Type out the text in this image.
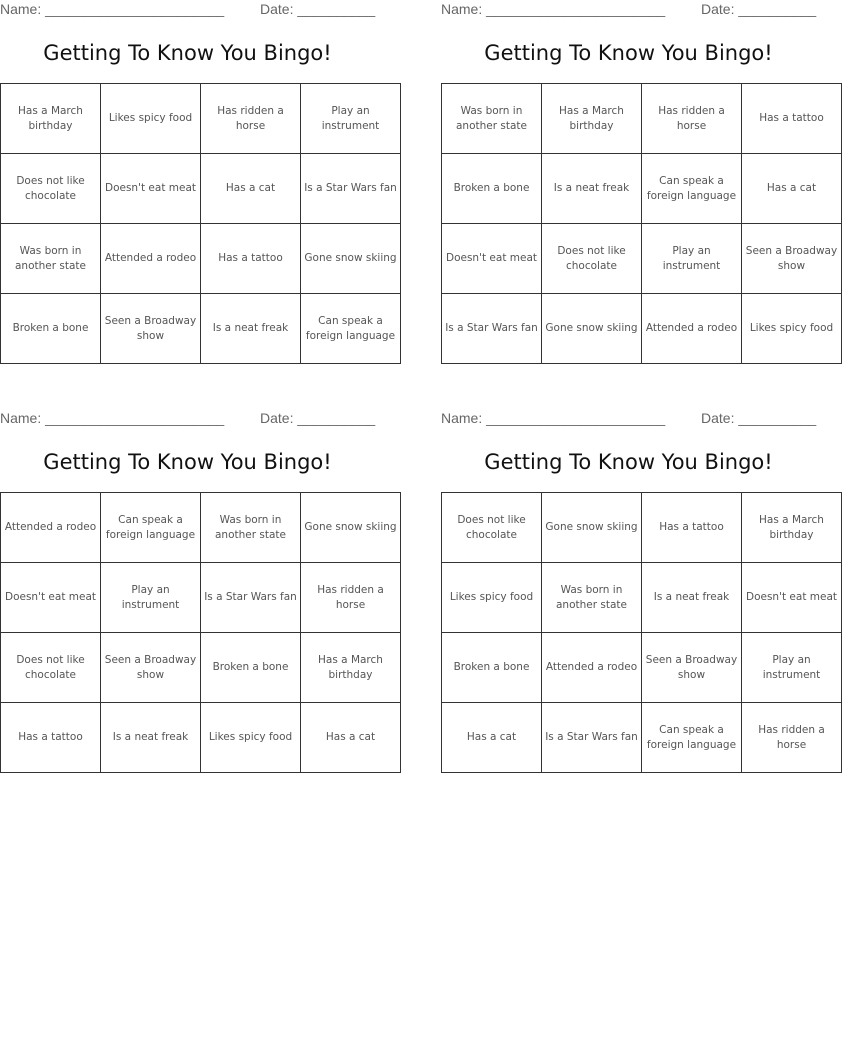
Name: _______________________	Date: __________
Getting To Know You Bingo!
Has a March birthday	Likes spicy food	Has ridden a horse	Play an instrument
Does not like chocolate	Doesn't eat meat	Has a cat	Is a Star Wars fan
Was born in another state	Attended a rodeo	Has a tattoo	Gone snow skiing
Broken a bone	Seen a Broadway show	Is a neat freak	Can speak a foreign language
Name: _______________________	Date: __________
Getting To Know You Bingo!
Was born in another state	Has a March birthday	Has ridden a horse	Has a tattoo
Broken a bone	Is a neat freak	Can speak a foreign language	Has a cat
Doesn't eat meat	Does not like chocolate	Play an instrument	Seen a Broadway show
Is a Star Wars fan	Gone snow skiing	Attended a rodeo	Likes spicy food
Name: _______________________	Date: __________
Getting To Know You Bingo!
Attended a rodeo	Can speak a foreign language	Was born in another state	Gone snow skiing
Doesn't eat meat	Play an instrument	Is a Star Wars fan	Has ridden a horse
Does not like chocolate	Seen a Broadway show	Broken a bone	Has a March birthday
Has a tattoo	Is a neat freak	Likes spicy food	Has a cat
Name: _______________________	Date: __________
Getting To Know You Bingo!
Does not like chocolate	Gone snow skiing	Has a tattoo	Has a March birthday
Likes spicy food	Was born in another state	Is a neat freak	Doesn't eat meat
Broken a bone	Attended a rodeo	Seen a Broadway show	Play an instrument
Has a cat	Is a Star Wars fan	Can speak a foreign language	Has ridden a horse
